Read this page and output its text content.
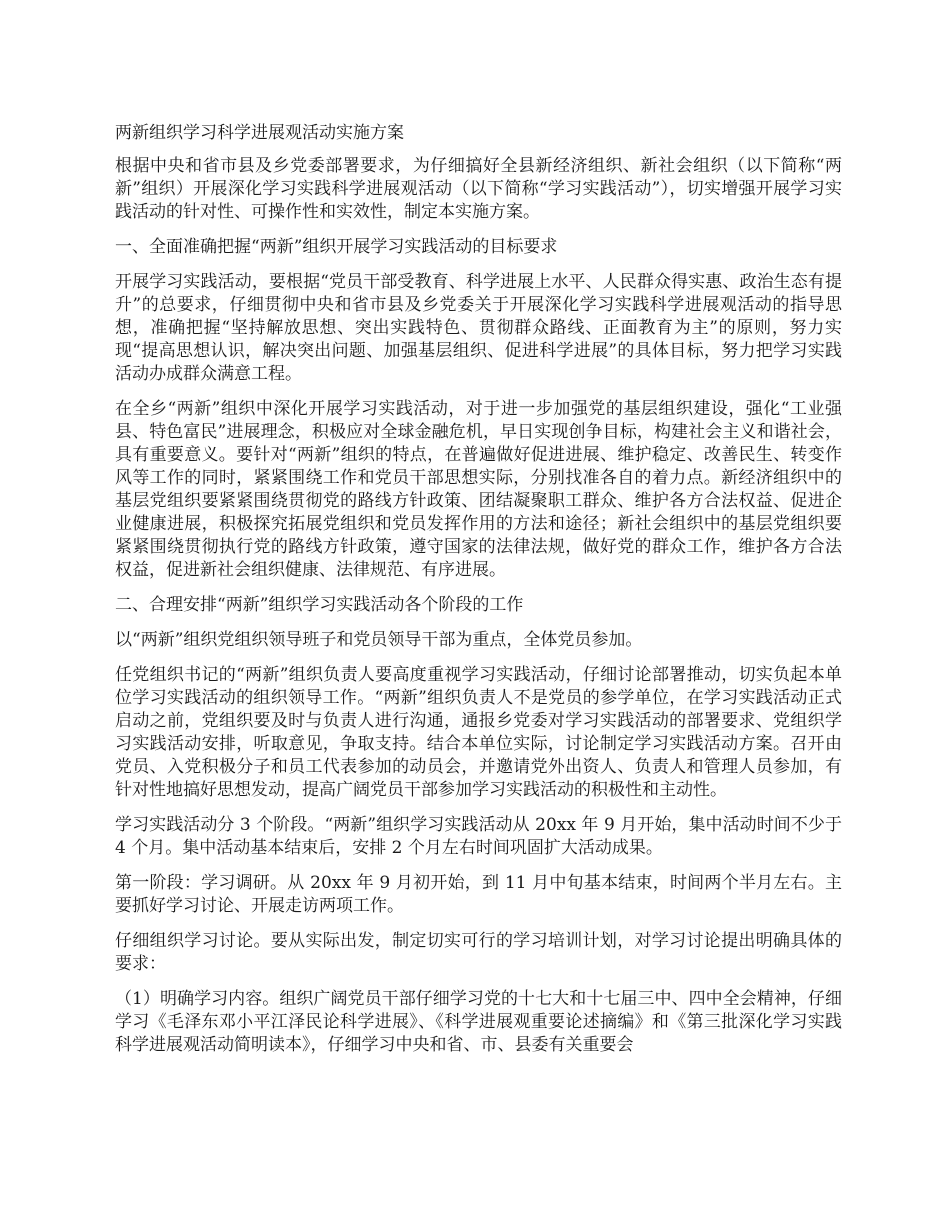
两新组织学习科学进展观活动实施方案

根据中央和省市县及乡党委部署要求，为仔细搞好全县新经济组织、新社会组织（以下简称“两新”组织）开展深化学习实践科学进展观活动（以下简称“学习实践活动”），切实增强开展学习实践活动的针对性、可操作性和实效性，制定本实施方案。

一、全面准确把握“两新”组织开展学习实践活动的目标要求

开展学习实践活动，要根据“党员干部受教育、科学进展上水平、人民群众得实惠、政治生态有提升”的总要求，仔细贯彻中央和省市县及乡党委关于开展深化学习实践科学进展观活动的指导思想，准确把握“坚持解放思想、突出实践特色、贯彻群众路线、正面教育为主”的原则，努力实现“提高思想认识，解决突出问题、加强基层组织、促进科学进展”的具体目标，努力把学习实践活动办成群众满意工程。

在全乡“两新”组织中深化开展学习实践活动，对于进一步加强党的基层组织建设，强化“工业强县、特色富民”进展理念，积极应对全球金融危机，早日实现创争目标，构建社会主义和谐社会，具有重要意义。要针对“两新”组织的特点，在普遍做好促进进展、维护稳定、改善民生、转变作风等工作的同时，紧紧围绕工作和党员干部思想实际，分别找准各自的着力点。新经济组织中的基层党组织要紧紧围绕贯彻党的路线方针政策、团结凝聚职工群众、维护各方合法权益、促进企业健康进展，积极探究拓展党组织和党员发挥作用的方法和途径；新社会组织中的基层党组织要紧紧围绕贯彻执行党的路线方针政策，遵守国家的法律法规，做好党的群众工作，维护各方合法权益，促进新社会组织健康、法律规范、有序进展。

二、合理安排“两新”组织学习实践活动各个阶段的工作

以“两新”组织党组织领导班子和党员领导干部为重点，全体党员参加。

任党组织书记的“两新”组织负责人要高度重视学习实践活动，仔细讨论部署推动，切实负起本单位学习实践活动的组织领导工作。“两新”组织负责人不是党员的参学单位，在学习实践活动正式启动之前，党组织要及时与负责人进行沟通，通报乡党委对学习实践活动的部署要求、党组织学习实践活动安排，听取意见，争取支持。结合本单位实际，讨论制定学习实践活动方案。召开由党员、入党积极分子和员工代表参加的动员会，并邀请党外出资人、负责人和管理人员参加，有针对性地搞好思想发动，提高广阔党员干部参加学习实践活动的积极性和主动性。

学习实践活动分 3 个阶段。“两新”组织学习实践活动从 20xx 年 9 月开始，集中活动时间不少于 4 个月。集中活动基本结束后，安排 2 个月左右时间巩固扩大活动成果。

第一阶段：学习调研。从 20xx 年 9 月初开始，到 11 月中旬基本结束，时间两个半月左右。主要抓好学习讨论、开展走访两项工作。

仔细组织学习讨论。要从实际出发，制定切实可行的学习培训计划，对学习讨论提出明确具体的要求：

（1）明确学习内容。组织广阔党员干部仔细学习党的十七大和十七届三中、四中全会精神，仔细学习《毛泽东邓小平江泽民论科学进展》、《科学进展观重要论述摘编》和《第三批深化学习实践科学进展观活动简明读本》，仔细学习中央和省、市、县委有关重要会
